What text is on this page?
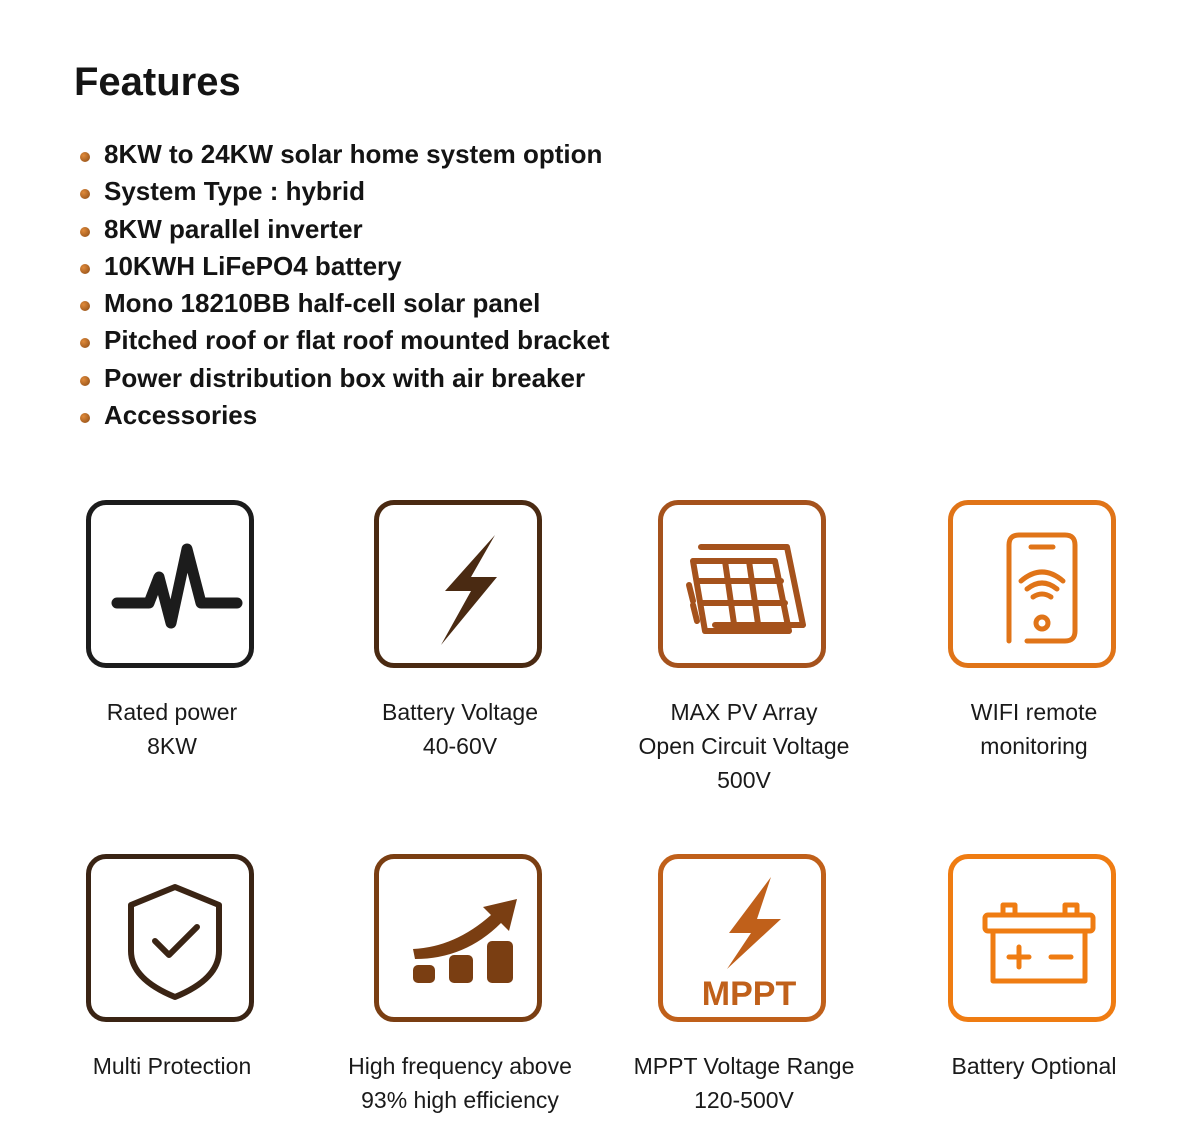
Features
8KW to 24KW solar home system option
System Type : hybrid
8KW parallel inverter
10KWH LiFePO4 battery
Mono 18210BB half-cell solar panel
Pitched roof or flat roof mounted bracket
Power distribution box with air breaker
Accessories
Rated power
8KW
Battery Voltage
40-60V
MAX PV Array
Open Circuit Voltage
500V
WIFI remote
monitoring
Multi Protection	High frequency above
93% high efficiency
MPPT
MPPT Voltage Range
120-500V
Battery Optional
